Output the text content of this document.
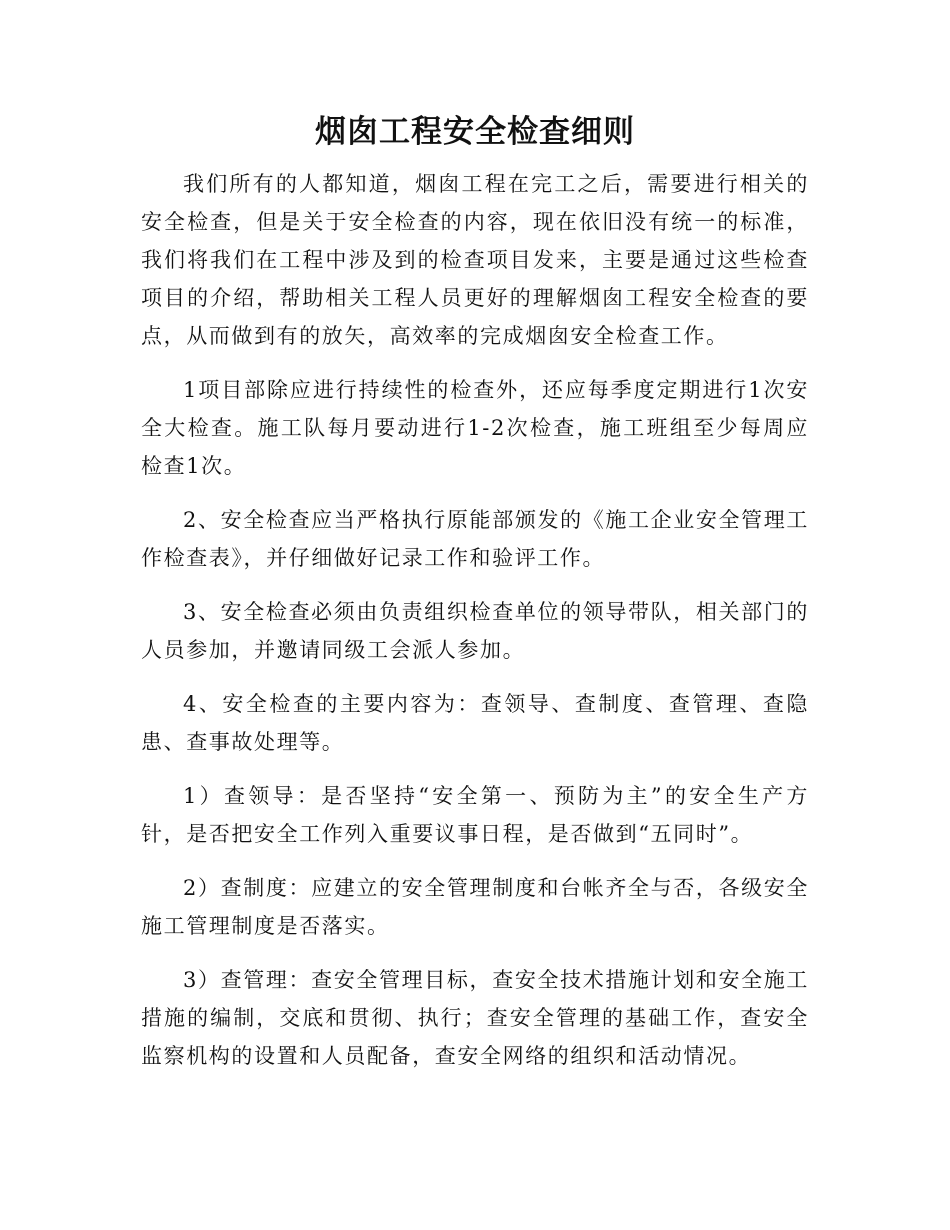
烟囱工程安全检查细则

我们所有的人都知道，烟囱工程在完工之后，需要进行相关的安全检查，但是关于安全检查的内容，现在依旧没有统一的标准，我们将我们在工程中涉及到的检查项目发来，主要是通过这些检查项目的介绍，帮助相关工程人员更好的理解烟囱工程安全检查的要点，从而做到有的放矢，高效率的完成烟囱安全检查工作。

1项目部除应进行持续性的检查外，还应每季度定期进行1次安全大检查。施工队每月要动进行1-2次检查，施工班组至少每周应检查1次。

2、安全检查应当严格执行原能部颁发的《施工企业安全管理工作检查表》，并仔细做好记录工作和验评工作。

3、安全检查必须由负责组织检查单位的领导带队，相关部门的人员参加，并邀请同级工会派人参加。

4、安全检查的主要内容为：查领导、查制度、查管理、查隐患、查事故处理等。

1）查领导：是否坚持“安全第一、预防为主”的安全生产方针，是否把安全工作列入重要议事日程，是否做到“五同时”。

2）查制度：应建立的安全管理制度和台帐齐全与否，各级安全施工管理制度是否落实。

3）查管理：查安全管理目标，查安全技术措施计划和安全施工措施的编制，交底和贯彻、执行；查安全管理的基础工作，查安全监察机构的设置和人员配备，查安全网络的组织和活动情况。
